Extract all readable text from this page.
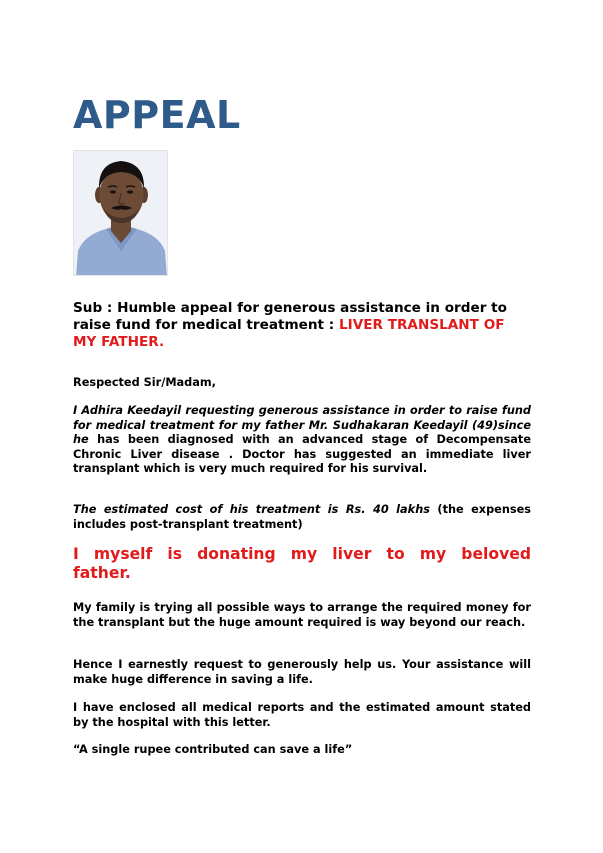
APPEAL

Sub : Humble appeal for generous assistance in order to raise fund for medical treatment : LIVER TRANSLANT OF MY FATHER.

Respected Sir/Madam,

I Adhira Keedayil requesting generous assistance in order to raise fund for medical treatment for my father Mr. Sudhakaran Keedayil (49)since he has been diagnosed with an advanced stage of Decompensate Chronic Liver disease . Doctor has suggested an immediate liver transplant which is very much required for his survival.

The estimated cost of his treatment is Rs. 40 lakhs (the expenses includes post-transplant treatment)

I myself is donating my liver to my beloved father.

My family is trying all possible ways to arrange the required money for the transplant but the huge amount required is way beyond our reach.

Hence I earnestly request to generously help us. Your assistance will make huge difference in saving a life.

I have enclosed all medical reports and the estimated amount stated by the hospital with this letter.

“A single rupee contributed can save a life”
